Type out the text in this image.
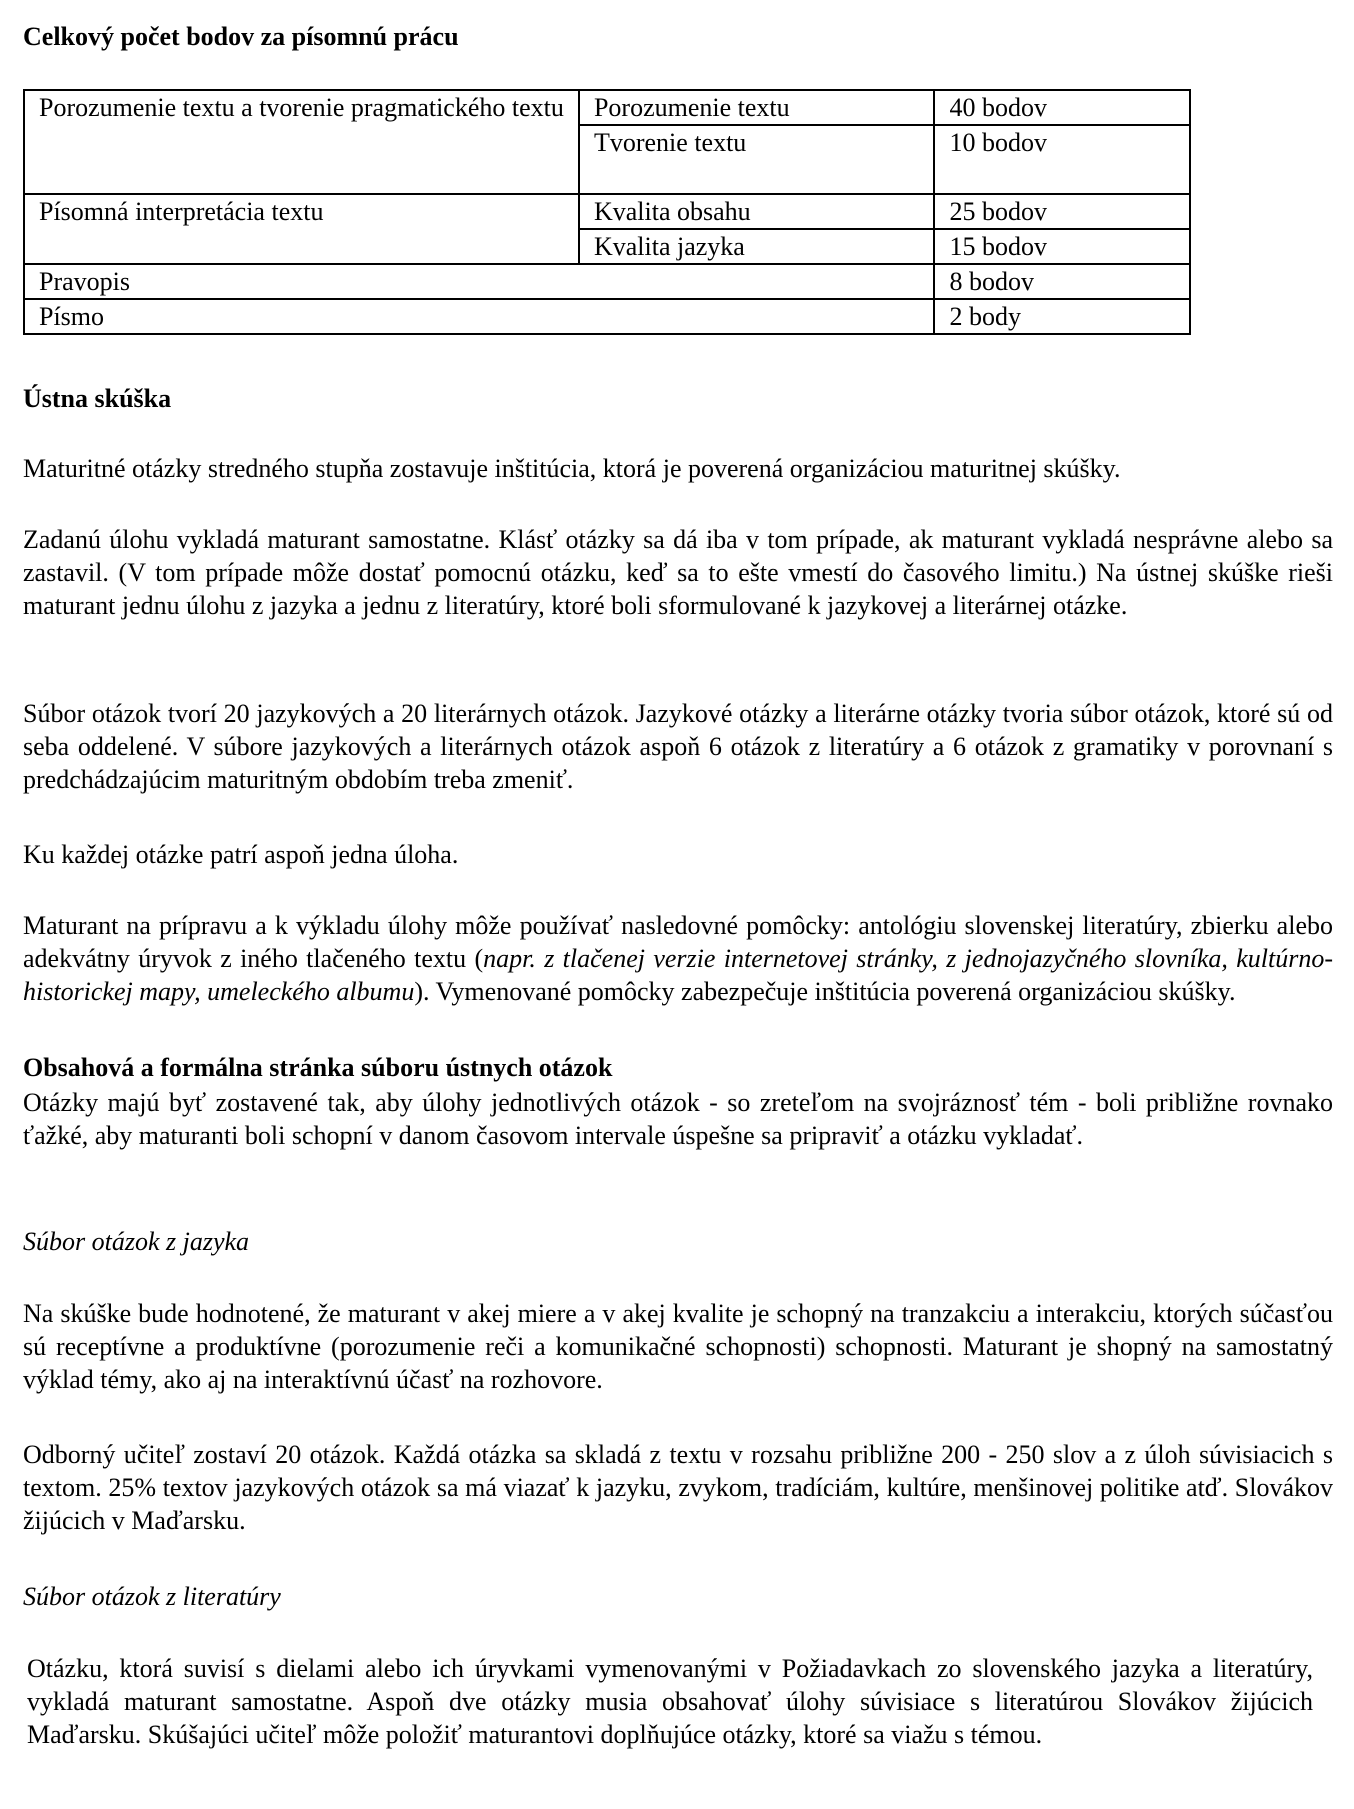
Celkový počet bodov za písomnú prácu
Porozumenie textu a tvorenie pragmatického textu	Porozumenie textu	40 bodov
	Tvorenie textu	10 bodov
Písomná interpretácia textu	Kvalita obsahu	25 bodov
	Kvalita jazyka	15 bodov
Pravopis		8 bodov
Písmo		2 body
Ústna skúška

Maturitné otázky stredného stupňa zostavuje inštitúcia, ktorá je poverená organizáciou maturitnej skúšky.

Zadanú úlohu vykladá maturant samostatne. Klásť otázky sa dá iba v tom prípade, ak maturant vykladá nesprávne alebo sa zastavil. (V tom prípade môže dostať pomocnú otázku, keď sa to ešte vmestí do časového limitu.) Na ústnej skúške rieši maturant jednu úlohu z jazyka a jednu z literatúry, ktoré boli sformulované k jazykovej a literárnej otázke.

Súbor otázok tvorí 20 jazykových a 20 literárnych otázok. Jazykové otázky a literárne otázky tvoria súbor otázok, ktoré sú od seba oddelené. V súbore jazykových a literárnych otázok aspoň 6 otázok z literatúry a 6 otázok z gramatiky v porovnaní s predchádzajúcim maturitným obdobím treba zmeniť.

Ku každej otázke patrí aspoň jedna úloha.

Maturant na prípravu a k výkladu úlohy môže používať nasledovné pomôcky: antológiu slovenskej literatúry, zbierku alebo adekvátny úryvok z iného tlačeného textu (napr. z tlačenej verzie internetovej stránky, z jednojazyčného slovníka, kultúrno-historickej mapy, umeleckého albumu). Vymenované pomôcky zabezpečuje inštitúcia poverená organizáciou skúšky.

Obsahová a formálna stránka súboru ústnych otázok

Otázky majú byť zostavené tak, aby úlohy jednotlivých otázok - so zreteľom na svojráznosť tém - boli približne rovnako ťažké, aby maturanti boli schopní v danom časovom intervale úspešne sa pripraviť a otázku vykladať.

Súbor otázok z jazyka

Na skúške bude hodnotené, že maturant v akej miere a v akej kvalite je schopný na tranzakciu a interakciu, ktorých súčasťou sú receptívne a produktívne (porozumenie reči a komunikačné schopnosti) schopnosti. Maturant je shopný na samostatný výklad témy, ako aj na interaktívnú účasť na rozhovore.

Odborný učiteľ zostaví 20 otázok. Každá otázka sa skladá z textu v rozsahu približne 200 - 250 slov a z úloh súvisiacich s textom. 25% textov jazykových otázok sa má viazať k jazyku, zvykom, tradíciám, kultúre, menšinovej politike atď. Slovákov žijúcich v Maďarsku.

Súbor otázok z literatúry

Otázku, ktorá suvisí s dielami alebo ich úryvkami vymenovanými v Požiadavkach zo slovenského jazyka a literatúry, vykladá maturant samostatne. Aspoň dve otázky musia obsahovať úlohy súvisiace s literatúrou Slovákov žijúcich Maďarsku. Skúšajúci učiteľ môže položiť maturantovi doplňujúce otázky, ktoré sa viažu s témou.
